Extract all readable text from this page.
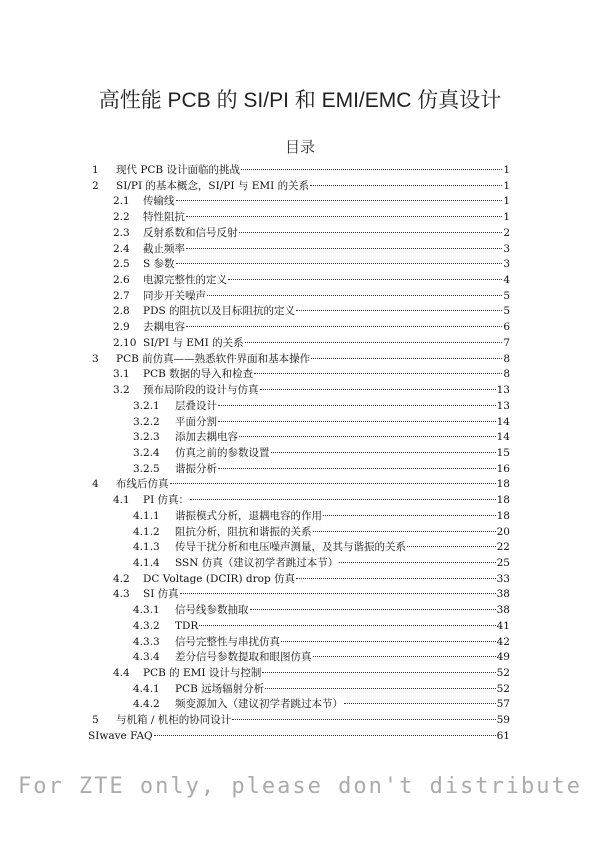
高性能 PCB 的 SI/PI 和 EMI/EMC 仿真设计
目录
1	现代 PCB 设计面临的挑战	1
2	SI/PI 的基本概念，SI/PI 与 EMI 的关系	1
2.1	传输线	1
2.2	特性阻抗	1
2.3	反射系数和信号反射	2
2.4	截止频率	3
2.5	S 参数	3
2.6	电源完整性的定义	4
2.7	同步开关噪声	5
2.8	PDS 的阻抗以及目标阻抗的定义	5
2.9	去耦电容	6
2.10 SI/PI 与 EMI 的关系	7
3	PCB 前仿真——熟悉软件界面和基本操作	8
3.1	PCB 数据的导入和检查	8
3.2	预布局阶段的设计与仿真	13
3.2.1	层叠设计	13
3.2.2	平面分割	14
3.2.3	添加去耦电容	14
3.2.4	仿真之前的参数设置	15
3.2.5	谐振分析	16
4	布线后仿真	18
4.1	PI 仿真：	18
4.1.1	谐振模式分析，退耦电容的作用	18
4.1.2	阻抗分析，阻抗和谐振的关系	20
4.1.3	传导干扰分析和电压噪声测量，及其与谐振的关系	22
4.1.4	SSN 仿真（建议初学者跳过本节）	25
4.2	DC Voltage (DCIR) drop 仿真	33
4.3	SI 仿真	38
4.3.1	信号线参数抽取	38
4.3.2	TDR	41
4.3.3	信号完整性与串扰仿真	42
4.3.4	差分信号参数提取和眼图仿真	49
4.4	PCB 的 EMI 设计与控制	52
4.4.1	PCB 远场辐射分析	52
4.4.2	频变源加入（建议初学者跳过本节）	57
5	与机箱 / 机柜的协同设计	59
SIwave FAQ	61
For ZTE only, please don't distribute
